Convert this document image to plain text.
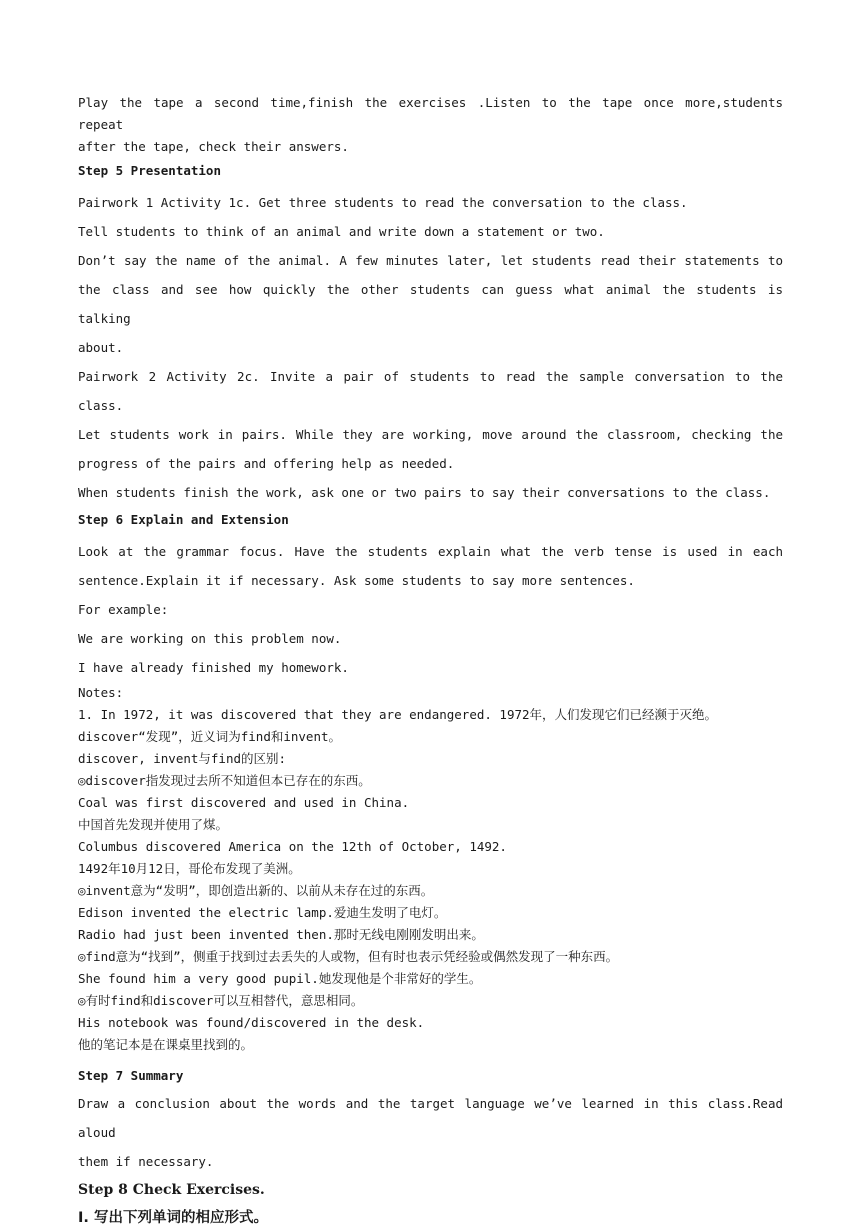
Play the tape a second time,finish the exercises .Listen to the tape once more,students repeat
after the tape, check their answers.
Step 5 Presentation
Pairwork 1 Activity 1c. Get three students to read the conversation to the class.
Tell students to think of an animal and write down a statement or two.
Don’t say the name of the animal. A few minutes later, let students read their statements to
the class and see how quickly the other students can guess what animal the students is talking
about.
Pairwork 2 Activity 2c. Invite a pair of students to read the sample conversation to the class.
Let students work in pairs. While they are working, move around the classroom, checking the
progress of the pairs and offering help as needed.
When students finish the work, ask one or two pairs to say their conversations to the class.
Step 6 Explain and Extension
Look at the grammar focus. Have the students explain what the verb tense is used in each
sentence.Explain it if necessary. Ask some students to say more sentences.
For example:
We are working on this problem now.
I have already finished my homework.
Notes:
1. In 1972, it was discovered that they are endangered. 1972年，人们发现它们已经濒于灭绝。
discover“发现”，近义词为find和invent。
discover, invent与find的区别:
◎discover指发现过去所不知道但本已存在的东西。
Coal was first discovered and used in China.
中国首先发现并使用了煤。
Columbus discovered America on the 12th of October, 1492.
1492年10月12日，哥伦布发现了美洲。
◎invent意为“发明”，即创造出新的、以前从未存在过的东西。
Edison invented the electric lamp.爱迪生发明了电灯。
Radio had just been invented then.那时无线电刚刚发明出来。
◎find意为“找到”，侧重于找到过去丢失的人或物，但有时也表示凭经验或偶然发现了一种东西。
She found him a very good pupil.她发现他是个非常好的学生。
◎有时find和discover可以互相替代，意思相同。
His notebook was found/discovered in the desk.
他的笔记本是在课桌里找到的。
Step 7 Summary
Draw a conclusion about the words and the target language we’ve learned in this class.Read aloud
them if necessary.
Step 8 Check Exercises.
Ⅰ. 写出下列单词的相应形式。
